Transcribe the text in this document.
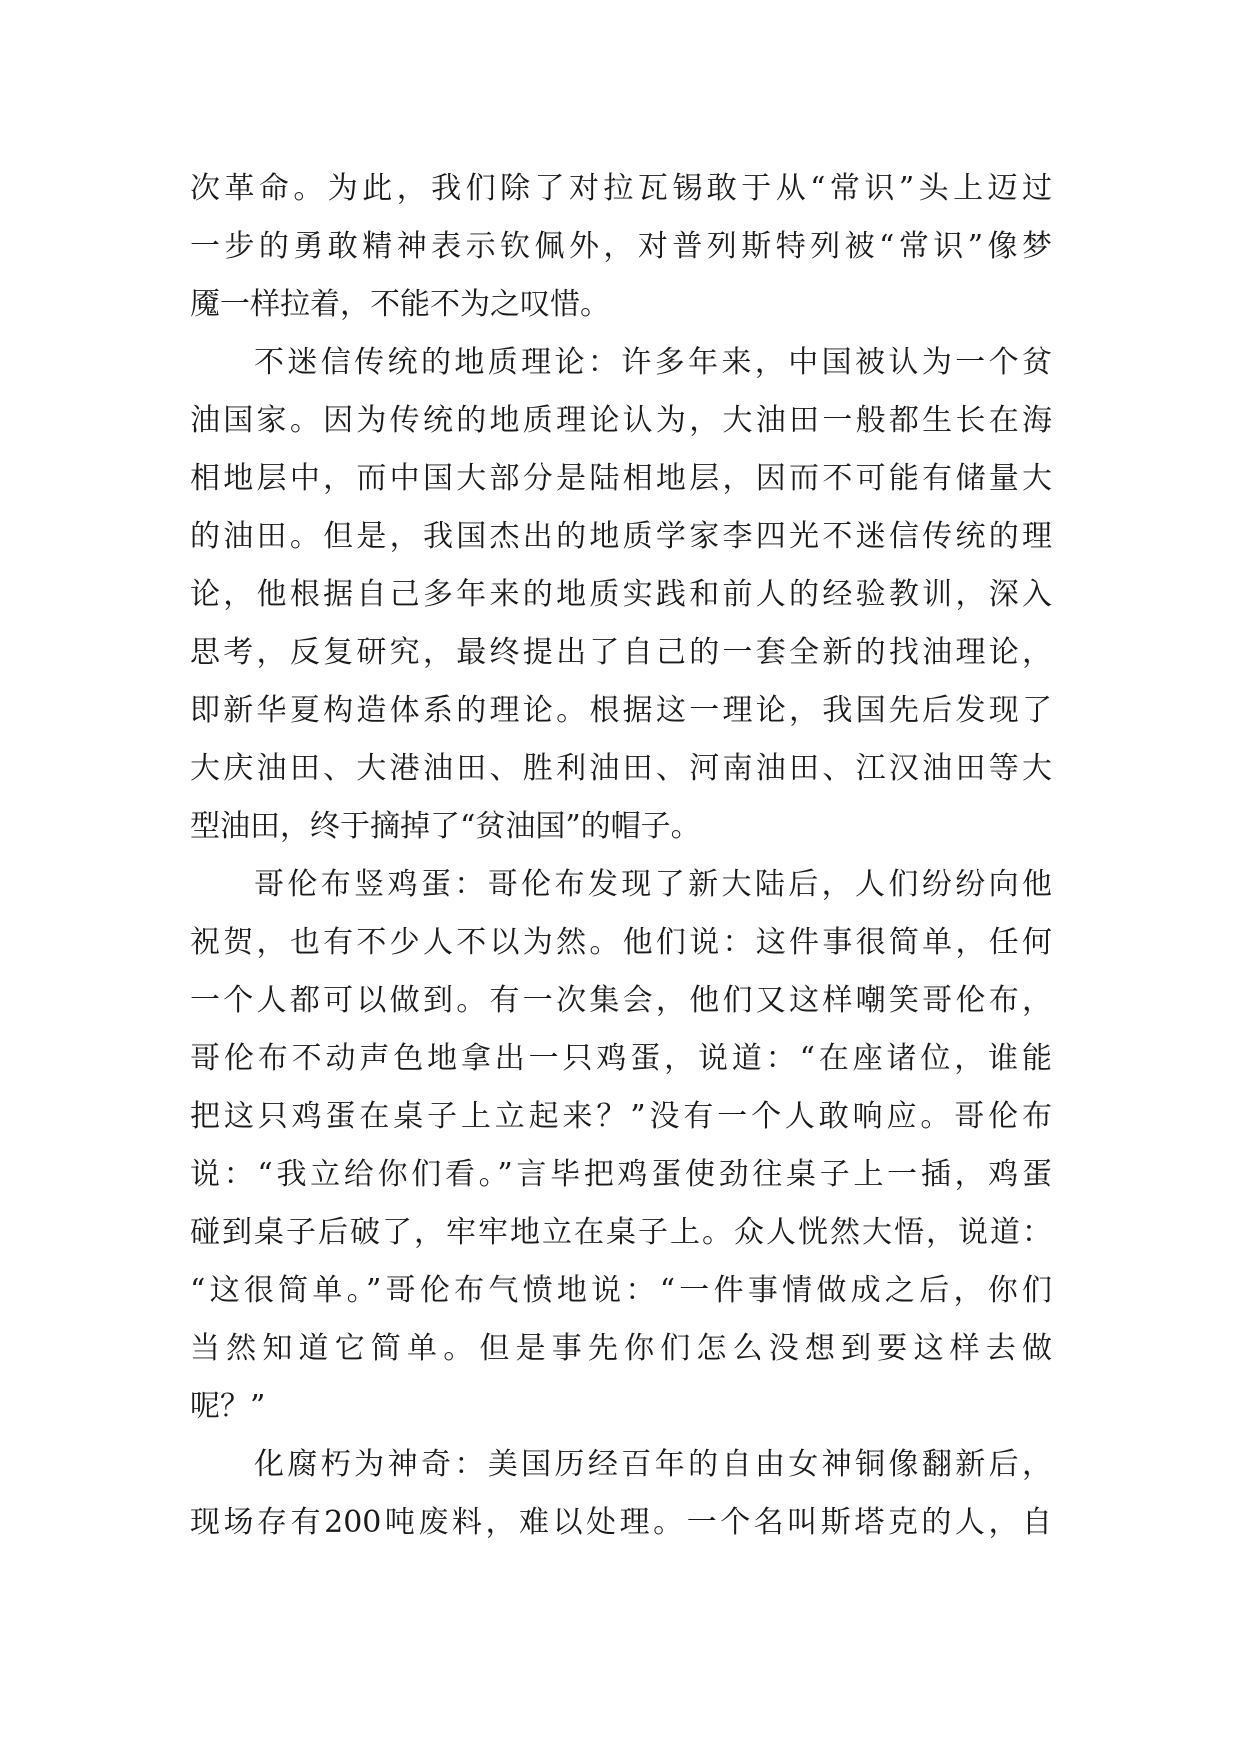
次革命。为此，我们除了对拉瓦锡敢于从“常识”头上迈过
一步的勇敢精神表示钦佩外，对普列斯特列被“常识”像梦
魇一样拉着，不能不为之叹惜。
不迷信传统的地质理论：许多年来，中国被认为一个贫
油国家。因为传统的地质理论认为，大油田一般都生长在海
相地层中，而中国大部分是陆相地层，因而不可能有储量大
的油田。但是，我国杰出的地质学家李四光不迷信传统的理
论，他根据自己多年来的地质实践和前人的经验教训，深入
思考，反复研究，最终提出了自己的一套全新的找油理论，
即新华夏构造体系的理论。根据这一理论，我国先后发现了
大庆油田、大港油田、胜利油田、河南油田、江汉油田等大
型油田，终于摘掉了“贫油国”的帽子。
哥伦布竖鸡蛋：哥伦布发现了新大陆后，人们纷纷向他
祝贺，也有不少人不以为然。他们说：这件事很简单，任何
一个人都可以做到。有一次集会，他们又这样嘲笑哥伦布，
哥伦布不动声色地拿出一只鸡蛋，说道：“在座诸位，谁能
把这只鸡蛋在桌子上立起来？”没有一个人敢响应。哥伦布
说：“我立给你们看。”言毕把鸡蛋使劲往桌子上一插，鸡蛋
碰到桌子后破了，牢牢地立在桌子上。众人恍然大悟，说道：
“这很简单。”哥伦布气愤地说：“一件事情做成之后，你们
当然知道它简单。但是事先你们怎么没想到要这样去做
呢？”
化腐朽为神奇：美国历经百年的自由女神铜像翻新后，
现场存有200吨废料，难以处理。一个名叫斯塔克的人，自
